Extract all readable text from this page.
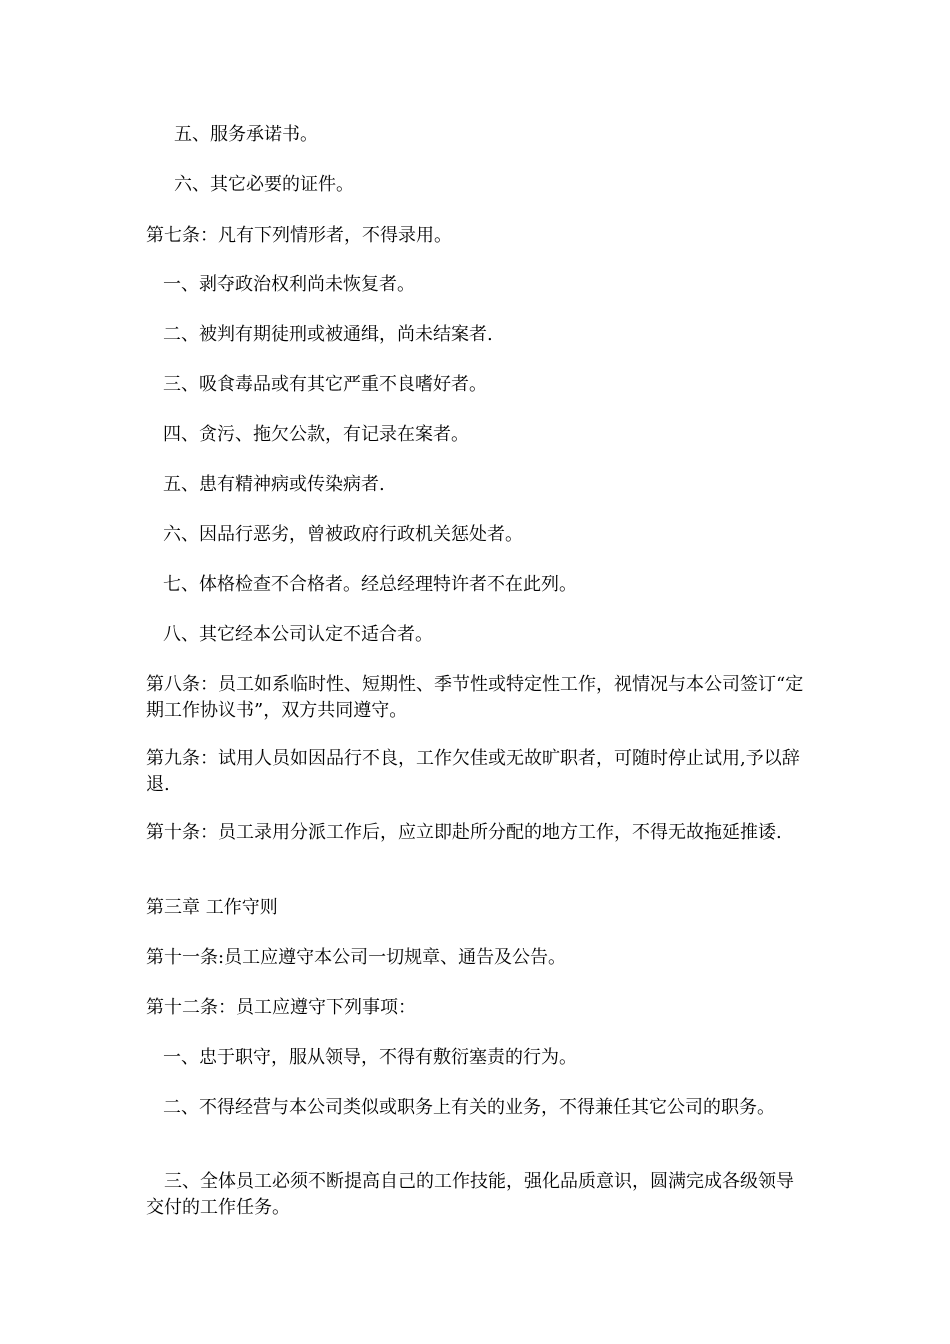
五、服务承诺书。
六、其它必要的证件。
第七条：凡有下列情形者，不得录用。
一、剥夺政治权利尚未恢复者。
二、被判有期徒刑或被通缉，尚未结案者.
三、吸食毒品或有其它严重不良嗜好者。
四、贪污、拖欠公款，有记录在案者。
五、患有精神病或传染病者.
六、因品行恶劣，曾被政府行政机关惩处者。
七、体格检查不合格者。经总经理特许者不在此列。
八、其它经本公司认定不适合者。
第八条：员工如系临时性、短期性、季节性或特定性工作，视情况与本公司签订“定期工作协议书”，双方共同遵守。
第九条：试用人员如因品行不良，工作欠佳或无故旷职者，可随时停止试用,予以辞退.
第十条：员工录用分派工作后，应立即赴所分配的地方工作，不得无故拖延推诿.
第三章 工作守则
第十一条:员工应遵守本公司一切规章、通告及公告。
第十二条：员工应遵守下列事项：
一、忠于职守，服从领导，不得有敷衍塞责的行为。
二、不得经营与本公司类似或职务上有关的业务，不得兼任其它公司的职务。
三、全体员工必须不断提高自己的工作技能，强化品质意识，圆满完成各级领导交付的工作任务。
